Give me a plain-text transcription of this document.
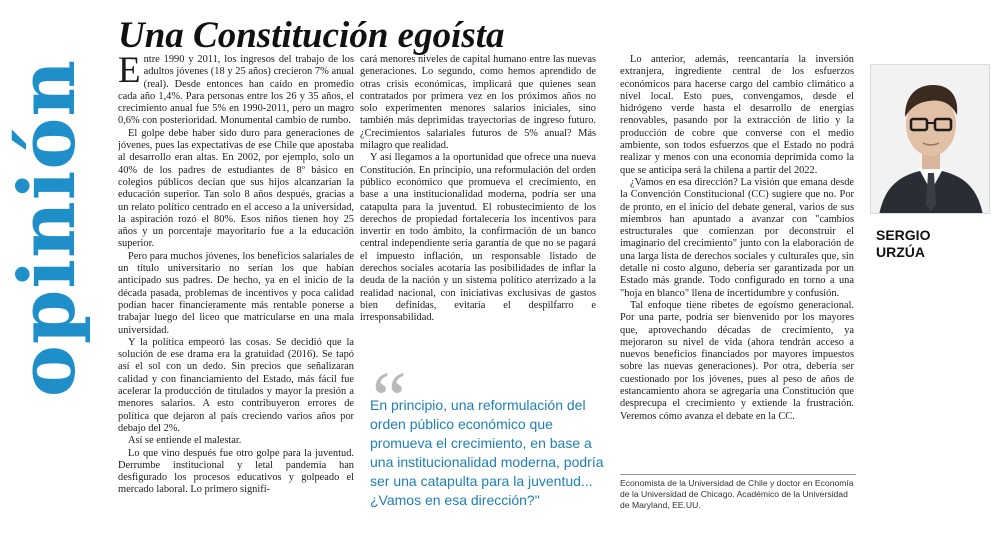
opinión
Una Constitución egoísta

Entre 1990 y 2011, los ingresos del trabajo de los adultos jóvenes (18 y 25 años) crecieron 7% anual (real). Desde entonces han caído en promedio cada año 1,4%. Para personas entre los 26 y 35 años, el crecimiento anual fue 5% en 1990-2011, pero un magro 0,6% con posterioridad. Monumental cambio de rumbo.

El golpe debe haber sido duro para generaciones de jóvenes, pues las expectativas de ese Chile que apostaba al desarrollo eran altas. En 2002, por ejemplo, solo un 40% de los padres de estudiantes de 8º básico en colegios públicos decían que sus hijos alcanzarían la educación superior. Tan solo 8 años después, gracias a un relato político centrado en el acceso a la universidad, la aspiración rozó el 80%. Esos niños tienen hoy 25 años y un porcentaje mayoritario fue a la educación superior.

Pero para muchos jóvenes, los beneficios salariales de un título universitario no serían los que habían anticipado sus padres. De hecho, ya en el inicio de la década pasada, problemas de incentivos y poca calidad podían hacer financieramente más rentable ponerse a trabajar luego del liceo que matricularse en una mala universidad.

Y la política empeoró las cosas. Se decidió que la solución de ese drama era la gratuidad (2016). Se tapó así el sol con un dedo. Sin precios que señalizaran calidad y con financiamiento del Estado, más fácil fue acelerar la producción de titulados y mayor la presión a menores salarios. A esto contribuyeron errores de política que dejaron al país creciendo varios años por debajo del 2%.

Así se entiende el malestar.

Lo que vino después fue otro golpe para la juventud. Derrumbe institucional y letal pandemia han desfigurado los procesos educativos y golpeado el mercado laboral. Lo primero signifi-

cará menores niveles de capital humano entre las nuevas generaciones. Lo segundo, como hemos aprendido de otras crisis económicas, implicará que quienes sean contratados por primera vez en los próximos años no solo experimenten menores salarios iniciales, sino también más deprimidas trayectorias de ingreso futuro. ¿Crecimientos salariales futuros de 5% anual? Más milagro que realidad.

Y así llegamos a la oportunidad que ofrece una nueva Constitución. En principio, una reformulación del orden público económico que promueva el crecimiento, en base a una institucionalidad moderna, podría ser una catapulta para la juventud. El robustecimiento de los derechos de propiedad fortalecería los incentivos para invertir en todo ámbito, la confirmación de un banco central independiente sería garantía de que no se pagará el impuesto inflación, un responsable listado de derechos sociales acotaría las posibilidades de inflar la deuda de la nación y un sistema político aterrizado a la realidad nacional, con iniciativas exclusivas de gastos bien definidas, evitaría el despilfarro e irresponsabilidad.

“
En principio, una reformulación del orden público económico que promueva el crecimiento, en base a una institucionalidad moderna, podría ser una catapulta para la juventud... ¿Vamos en esa dirección?"

Lo anterior, además, reencantaría la inversión extranjera, ingrediente central de los esfuerzos económicos para hacerse cargo del cambio climático a nivel local. Esto pues, convengamos, desde el hidrógeno verde hasta el desarrollo de energías renovables, pasando por la extracción de litio y la producción de cobre que converse con el medio ambiente, son todos esfuerzos que el Estado no podrá realizar y menos con una economía deprimida como la que se anticipa será la chilena a partir del 2022.

¿Vamos en esa dirección? La visión que emana desde la Convención Constitucional (CC) sugiere que no. Por de pronto, en el inicio del debate general, varios de sus miembros han apuntado a avanzar con "cambios estructurales que comienzan por deconstruir el imaginario del crecimiento" junto con la elaboración de una larga lista de derechos sociales y culturales que, sin detalle ni costo alguno, debería ser garantizada por un Estado más grande. Todo configurado en torno a una "hoja en blanco" llena de incertidumbre y confusión.

Tal enfoque tiene ribetes de egoísmo generacional. Por una parte, podría ser bienvenido por los mayores que, aprovechando décadas de crecimiento, ya mejoraron su nivel de vida (ahora tendrán acceso a nuevos beneficios financiados por mayores impuestos sobre las nuevas generaciones). Por otra, debería ser cuestionado por los jóvenes, pues al peso de años de estancamiento ahora se agregaría una Constitución que desprecupa el crecimiento y extiende la frustración. Veremos cómo avanza el debate en la CC.

SERGIO
URZÚA
Economista de la Universidad de Chile y doctor en Economía de la Universidad de Chicago. Académico de la Universidad de Maryland, EE.UU.
